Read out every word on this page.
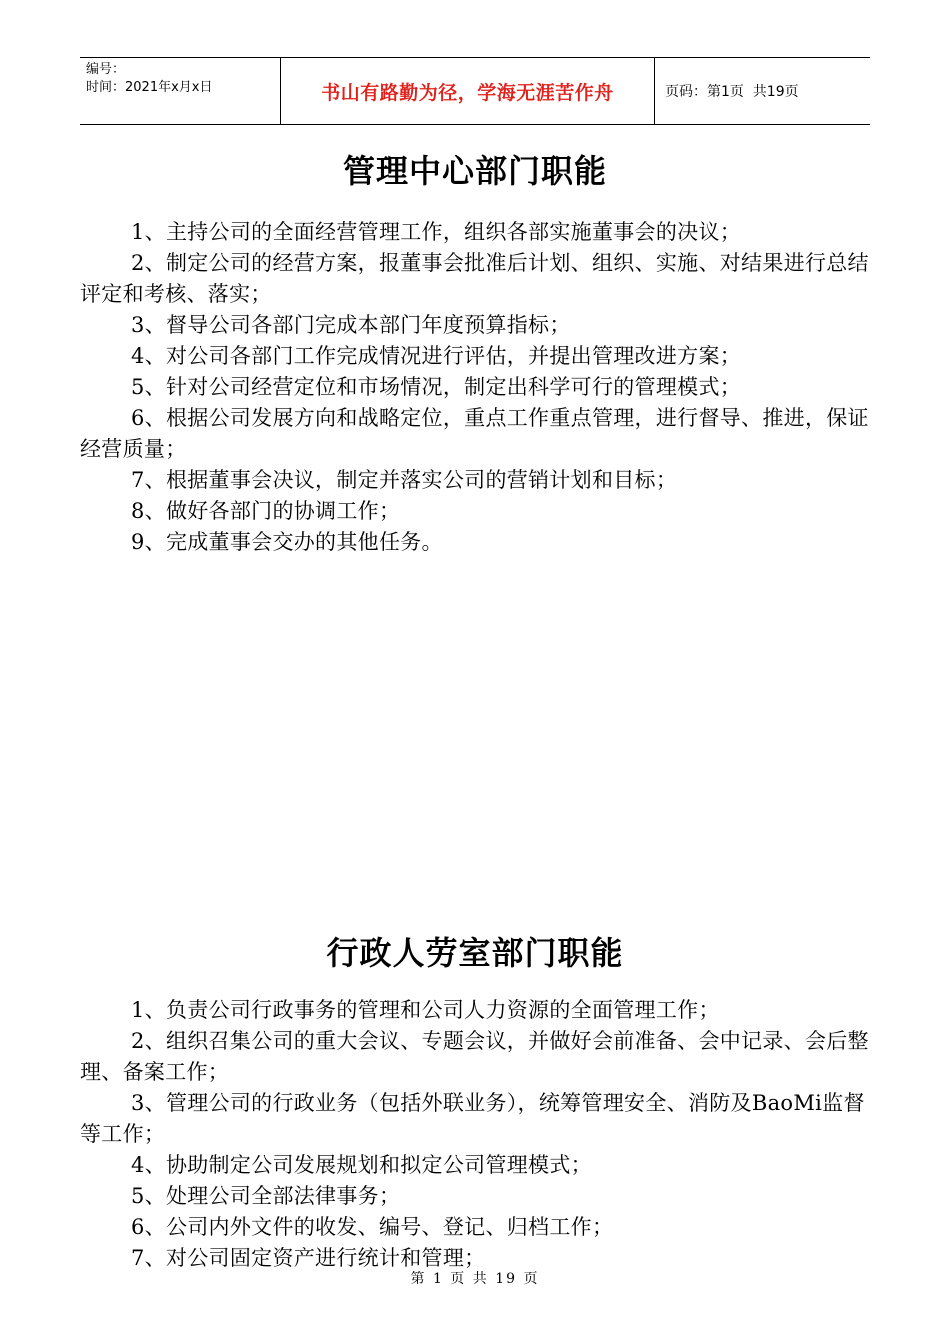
编号：
时间：2021年x月x日	书山有路勤为径，学海无涯苦作舟	页码：第1页  共19页
管理中心部门职能

1、主持公司的全面经营管理工作，组织各部实施董事会的决议；

2、制定公司的经营方案，报董事会批准后计划、组织、实施、对结果进行总结评定和考核、落实；

3、督导公司各部门完成本部门年度预算指标；

4、对公司各部门工作完成情况进行评估，并提出管理改进方案；

5、针对公司经营定位和市场情况，制定出科学可行的管理模式；

6、根据公司发展方向和战略定位，重点工作重点管理，进行督导、推进，保证经营质量；

7、根据董事会决议，制定并落实公司的营销计划和目标；

8、做好各部门的协调工作；

9、完成董事会交办的其他任务。

行政人劳室部门职能

1、负责公司行政事务的管理和公司人力资源的全面管理工作；

2、组织召集公司的重大会议、专题会议，并做好会前准备、会中记录、会后整理、备案工作；

3、管理公司的行政业务（包括外联业务），统筹管理安全、消防及BaoMi监督等工作；

4、协助制定公司发展规划和拟定公司管理模式；

5、处理公司全部法律事务；

6、公司内外文件的收发、编号、登记、归档工作；

7、对公司固定资产进行统计和管理；

第 1 页 共 19 页
